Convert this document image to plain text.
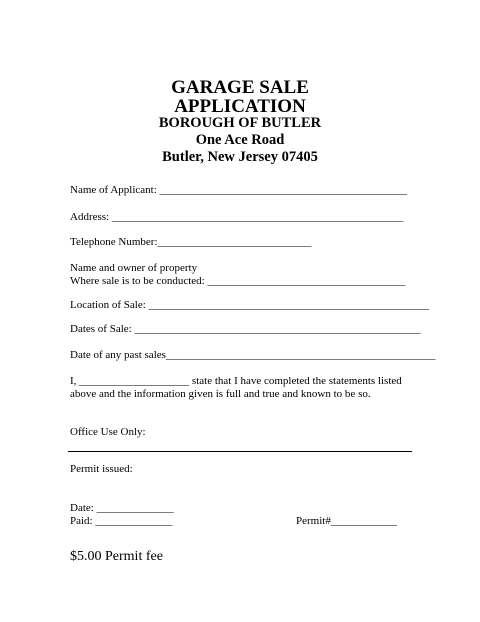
GARAGE SALE
APPLICATION
BOROUGH OF BUTLER
One Ace Road
Butler, New Jersey 07405
Name of Applicant: _____________________________________________
Address: _____________________________________________________
Telephone Number:____________________________
Name and owner of property
Where sale is to be conducted: ____________________________________
Location of Sale: ___________________________________________________
Dates of Sale: ____________________________________________________
Date of any past sales_________________________________________________
I, ____________________ state that I have completed the statements listed
above and the information given is full and true and known to be so.
Office Use Only:
Permit issued:
Date: ______________
Paid: ______________	Permit#____________
$5.00 Permit fee
